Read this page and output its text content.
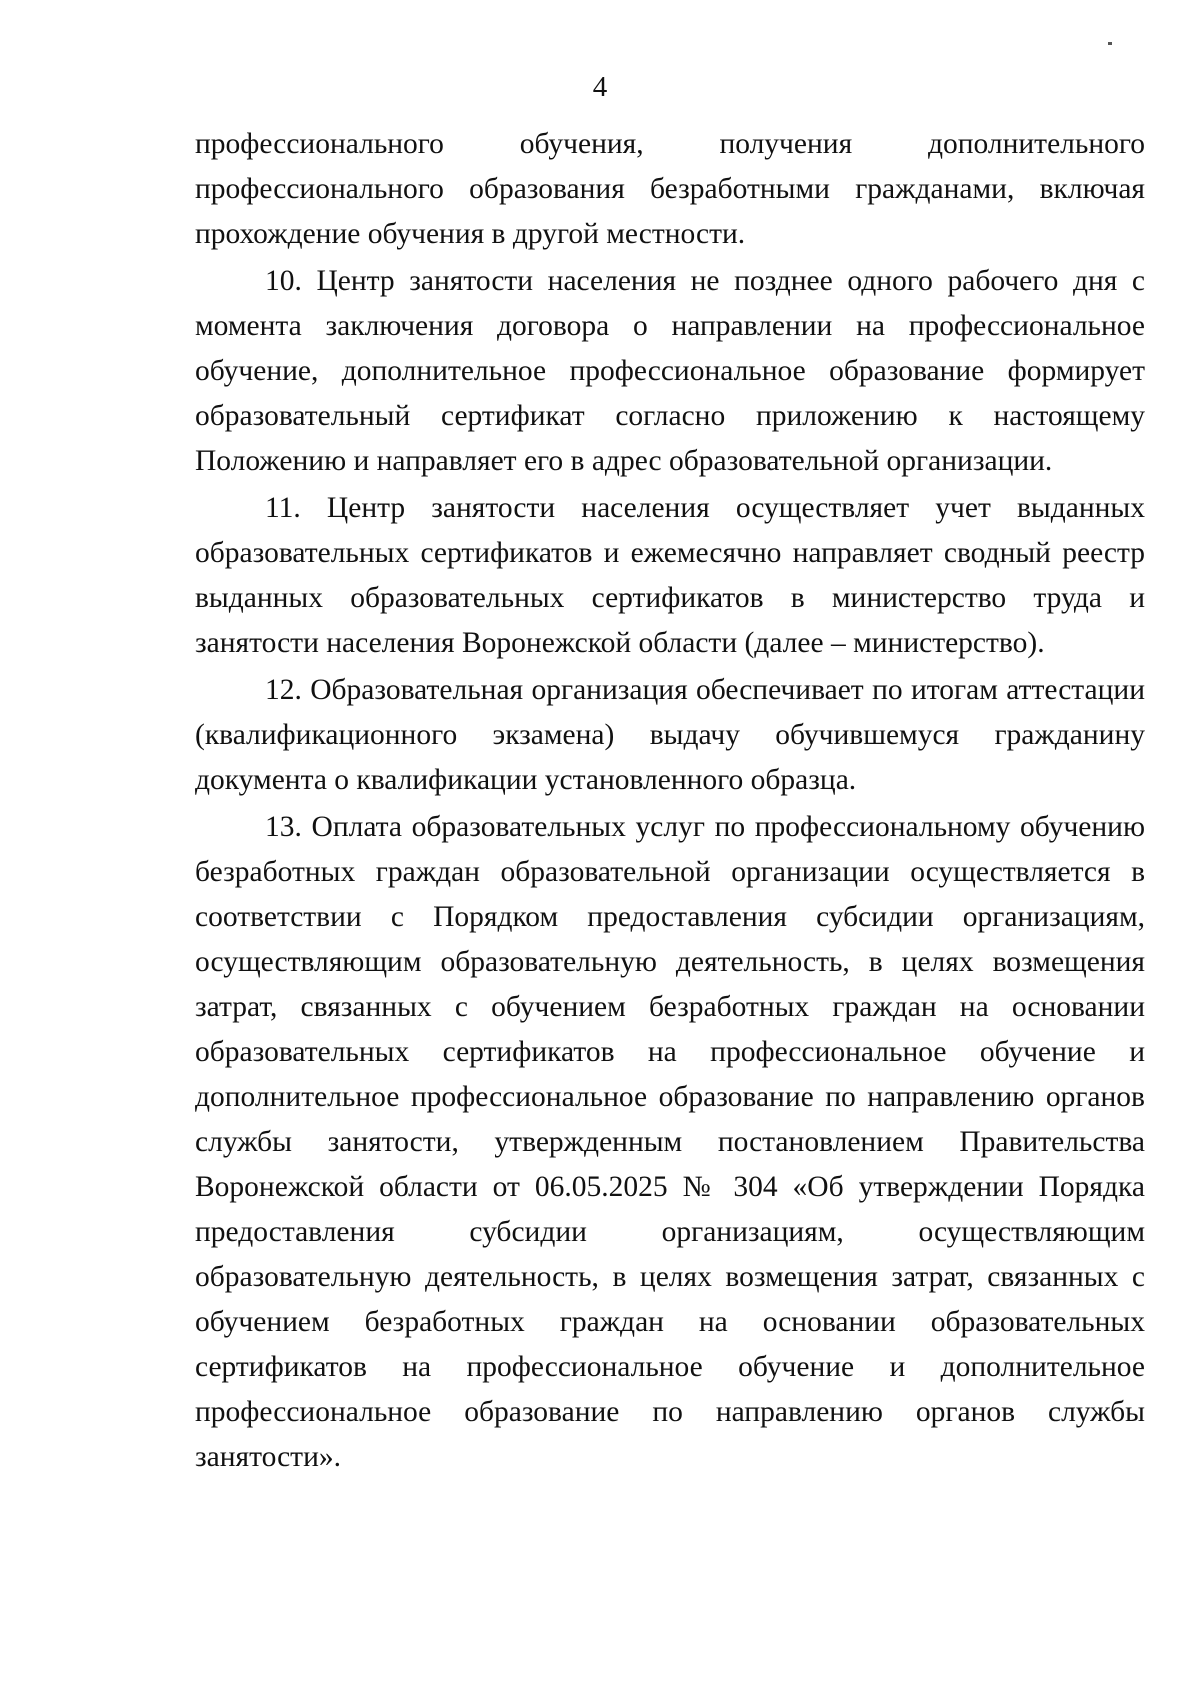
4

профессионального обучения, получения дополнительного профессионального образования безработными гражданами, включая прохождение обучения в другой местности.

10. Центр занятости населения не позднее одного рабочего дня с момента заключения договора о направлении на профессиональное обучение, дополнительное профессиональное образование формирует образовательный сертификат согласно приложению к настоящему Положению и направляет его в адрес образовательной организации.

11. Центр занятости населения осуществляет учет выданных образовательных сертификатов и ежемесячно направляет сводный реестр выданных образовательных сертификатов в министерство труда и занятости населения Воронежской области (далее – министерство).

12. Образовательная организация обеспечивает по итогам аттестации (квалификационного экзамена) выдачу обучившемуся гражданину документа о квалификации установленного образца.

13. Оплата образовательных услуг по профессиональному обучению безработных граждан образовательной организации осуществляется в соответствии с Порядком предоставления субсидии организациям, осуществляющим образовательную деятельность, в целях возмещения затрат, связанных с обучением безработных граждан на основании образовательных сертификатов на профессиональное обучение и дополнительное профессиональное образование по направлению органов службы занятости, утвержденным постановлением Правительства Воронежской области от 06.05.2025 № 304 «Об утверждении Порядка предоставления субсидии организациям, осуществляющим образовательную деятельность, в целях возмещения затрат, связанных с обучением безработных граждан на основании образовательных сертификатов на профессиональное обучение и дополнительное профессиональное образование по направлению органов службы занятости».
